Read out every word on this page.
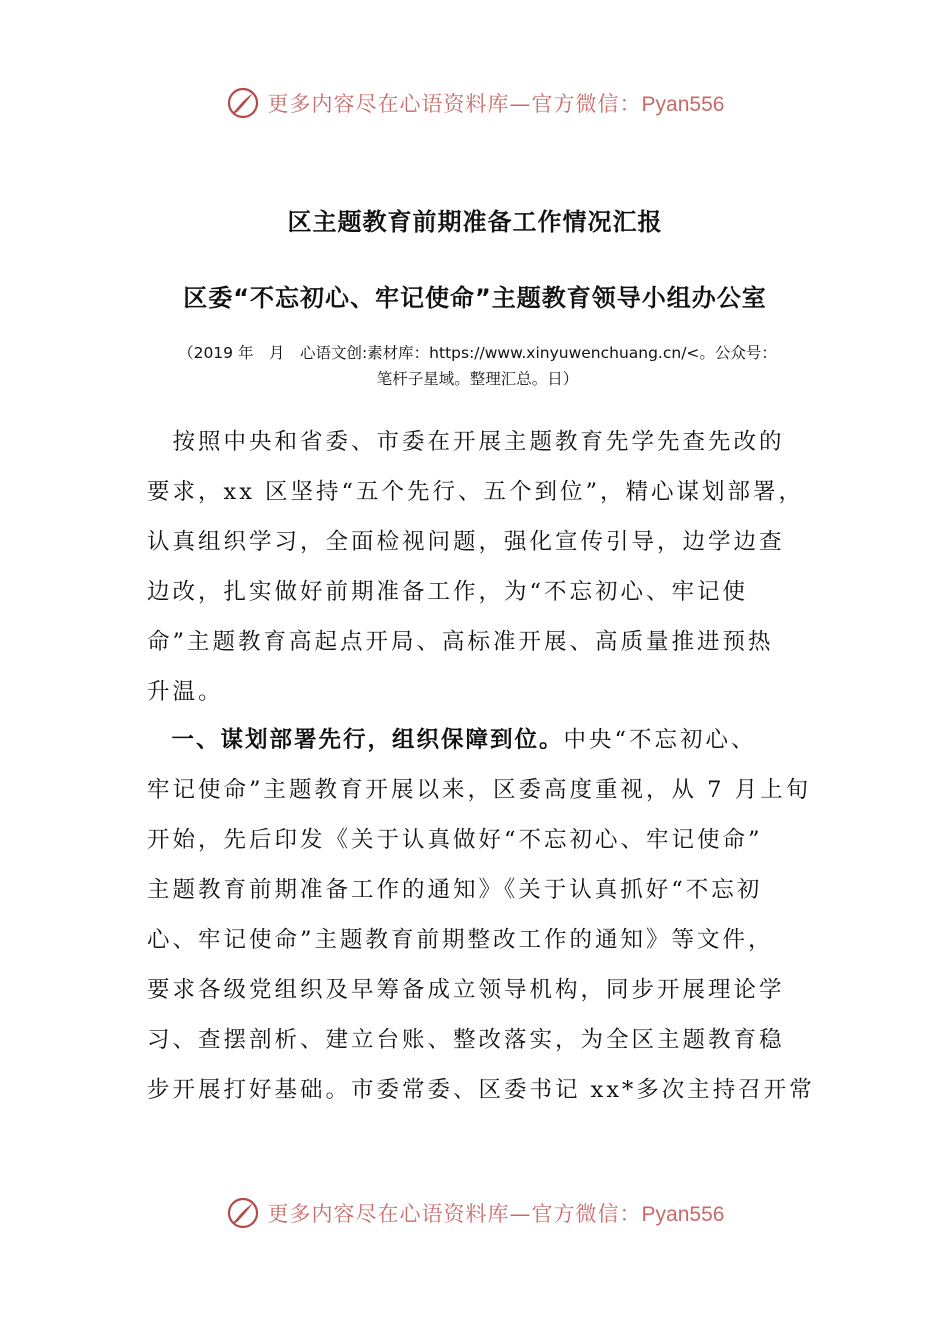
更多内容尽在心语资料库—官方微信：Pyan556
区主题教育前期准备工作情况汇报
区委“不忘初心、牢记使命”主题教育领导小组办公室
（2019 年　月　心语文创:素材库：https://www.xinyuwenchuang.cn/<。公众号：
笔杆子星域。整理汇总。日）
　按照中央和省委、市委在开展主题教育先学先查先改的
要求，xx 区坚持“五个先行、五个到位”，精心谋划部署，
认真组织学习，全面检视问题，强化宣传引导，边学边查
边改，扎实做好前期准备工作，为“不忘初心、牢记使
命”主题教育高起点开局、高标准开展、高质量推进预热
升温。
　一、谋划部署先行，组织保障到位。中央“不忘初心、
牢记使命”主题教育开展以来，区委高度重视，从 7 月上旬
开始，先后印发《关于认真做好“不忘初心、牢记使命”
主题教育前期准备工作的通知》《关于认真抓好“不忘初
心、牢记使命”主题教育前期整改工作的通知》等文件，
要求各级党组织及早筹备成立领导机构，同步开展理论学
习、查摆剖析、建立台账、整改落实，为全区主题教育稳
步开展打好基础。市委常委、区委书记 xx*多次主持召开常
更多内容尽在心语资料库—官方微信：Pyan556
